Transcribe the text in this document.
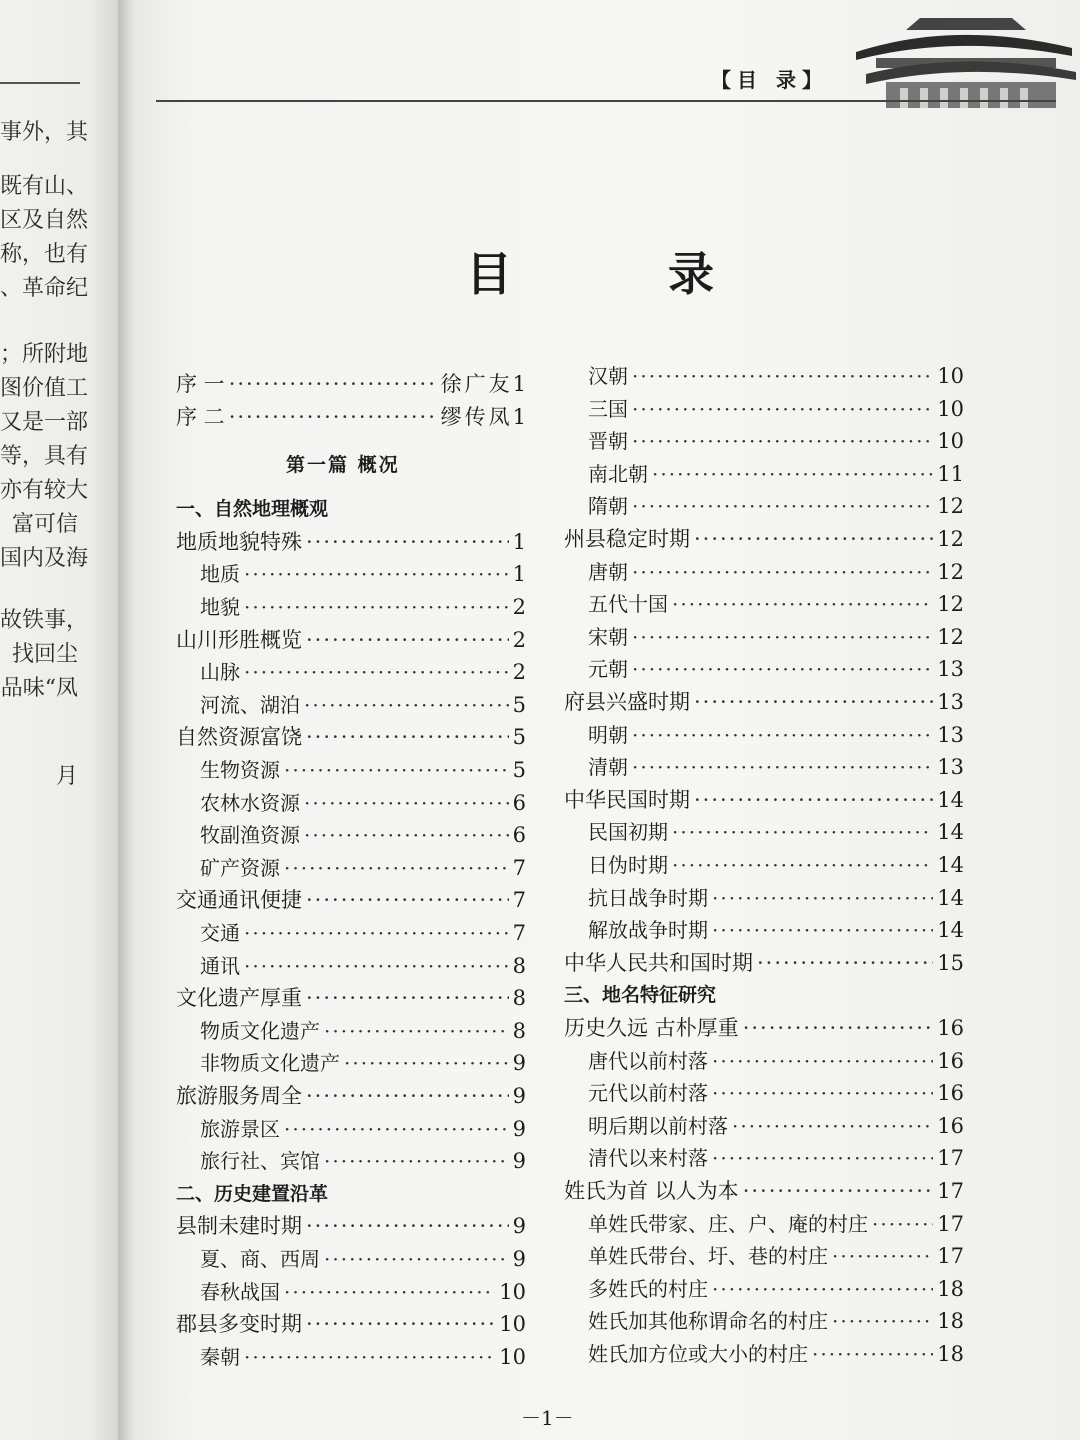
事外，其
既有山、
区及自然
称，也有
、革命纪
；所附地
图价值工
又是一部
等，具有
亦有较大
富可信
国内及海
故铁事，
找回尘
品味“凤
月
【目 录】
目 录
第一篇 概况
序 一 ·····	徐广友 1
序 二 ·····	缪传凤 1
一、自然地理概观
地质地貌特殊 ·····	1
地质 ·····	1
地貌 ·····	2
山川形胜概览 ·····	2
山脉 ·····	2
河流、湖泊 ·····	5
自然资源富饶 ·····	5
生物资源 ·····	5
农林水资源 ·····	6
牧副渔资源 ·····	6
矿产资源 ·····	7
交通通讯便捷 ·····	7
交通 ·····	7
通讯 ·····	8
文化遗产厚重 ·····	8
物质文化遗产 ·····	8
非物质文化遗产 ·····	9
旅游服务周全 ·····	9
旅游景区 ·····	9
旅行社、宾馆 ·····	9
二、历史建置沿革
县制未建时期 ·····	9
夏、商、西周 ·····	9
春秋战国 ·····	10
郡县多变时期 ·····	10
秦朝 ·····	10
汉朝 ·····	10
三国 ·····	10
晋朝 ·····	10
南北朝 ·····	11
隋朝 ·····	12
州县稳定时期 ·····	12
唐朝 ·····	12
五代十国 ·····	12
宋朝 ·····	12
元朝 ·····	13
府县兴盛时期 ·····	13
明朝 ·····	13
清朝 ·····	13
中华民国时期 ·····	14
民国初期 ·····	14
日伪时期 ·····	14
抗日战争时期 ·····	14
解放战争时期 ·····	14
中华人民共和国时期 ·····	15
三、地名特征研究
历史久远 古朴厚重 ·····	16
唐代以前村落 ·····	16
元代以前村落 ·····	16
明后期以前村落 ·····	16
清代以来村落 ·····	17
姓氏为首 以人为本 ·····	17
单姓氏带家、庄、户、庵的村庄 ·····	17
单姓氏带台、圩、巷的村庄 ·····	17
多姓氏的村庄 ·····	18
姓氏加其他称谓命名的村庄 ·····	18
姓氏加方位或大小的村庄 ·····	18
－1－
